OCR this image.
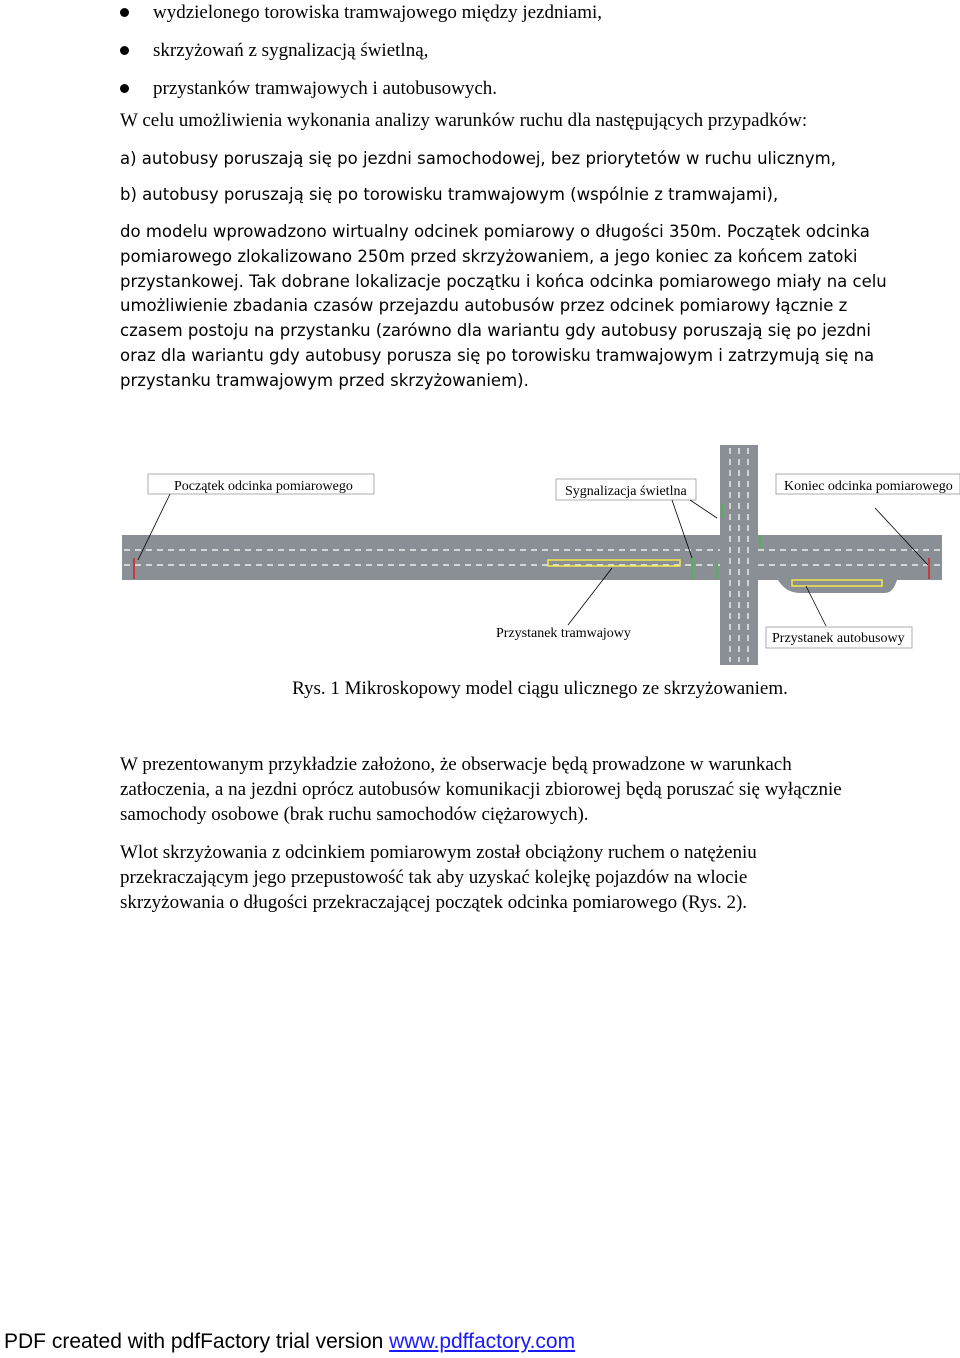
wydzielonego torowiska tramwajowego między jezdniami,
skrzyżowań z sygnalizacją świetlną,
przystanków tramwajowych i autobusowych.

W celu umożliwienia wykonania analizy warunków ruchu dla następujących przypadków:

a) autobusy poruszają się po jezdni samochodowej, bez priorytetów w ruchu ulicznym,

b) autobusy poruszają się po torowisku tramwajowym (wspólnie z tramwajami),

do modelu wprowadzono wirtualny odcinek pomiarowy o długości 350m. Początek odcinka
pomiarowego zlokalizowano 250m przed skrzyżowaniem, a jego koniec za końcem zatoki
przystankowej. Tak dobrane lokalizacje początku i końca odcinka pomiarowego miały na celu
umożliwienie zbadania czasów przejazdu autobusów przez odcinek pomiarowy łącznie z
czasem postoju na przystanku (zarówno dla wariantu gdy autobusy poruszają się po jezdni
oraz dla wariantu gdy autobusy porusza się po torowisku tramwajowym i zatrzymują się na
przystanku tramwajowym przed skrzyżowaniem).
Początek odcinka pomiarowego	Sygnalizacja świetlna	Koniec odcinka pomiarowego
Przystanek tramwajowy	Przystanek autobusowy

Rys. 1 Mikroskopowy model ciągu ulicznego ze skrzyżowaniem.

W prezentowanym przykładzie założono, że obserwacje będą prowadzone w warunkach
zatłoczenia, a na jezdni oprócz autobusów komunikacji zbiorowej będą poruszać się wyłącznie
samochody osobowe (brak ruchu samochodów ciężarowych).
Wlot skrzyżowania z odcinkiem pomiarowym został obciążony ruchem o natężeniu
przekraczającym jego przepustowość tak aby uzyskać kolejkę pojazdów na wlocie
skrzyżowania o długości przekraczającej początek odcinka pomiarowego (Rys. 2).
PDF created with pdfFactory trial version www.pdffactory.com
